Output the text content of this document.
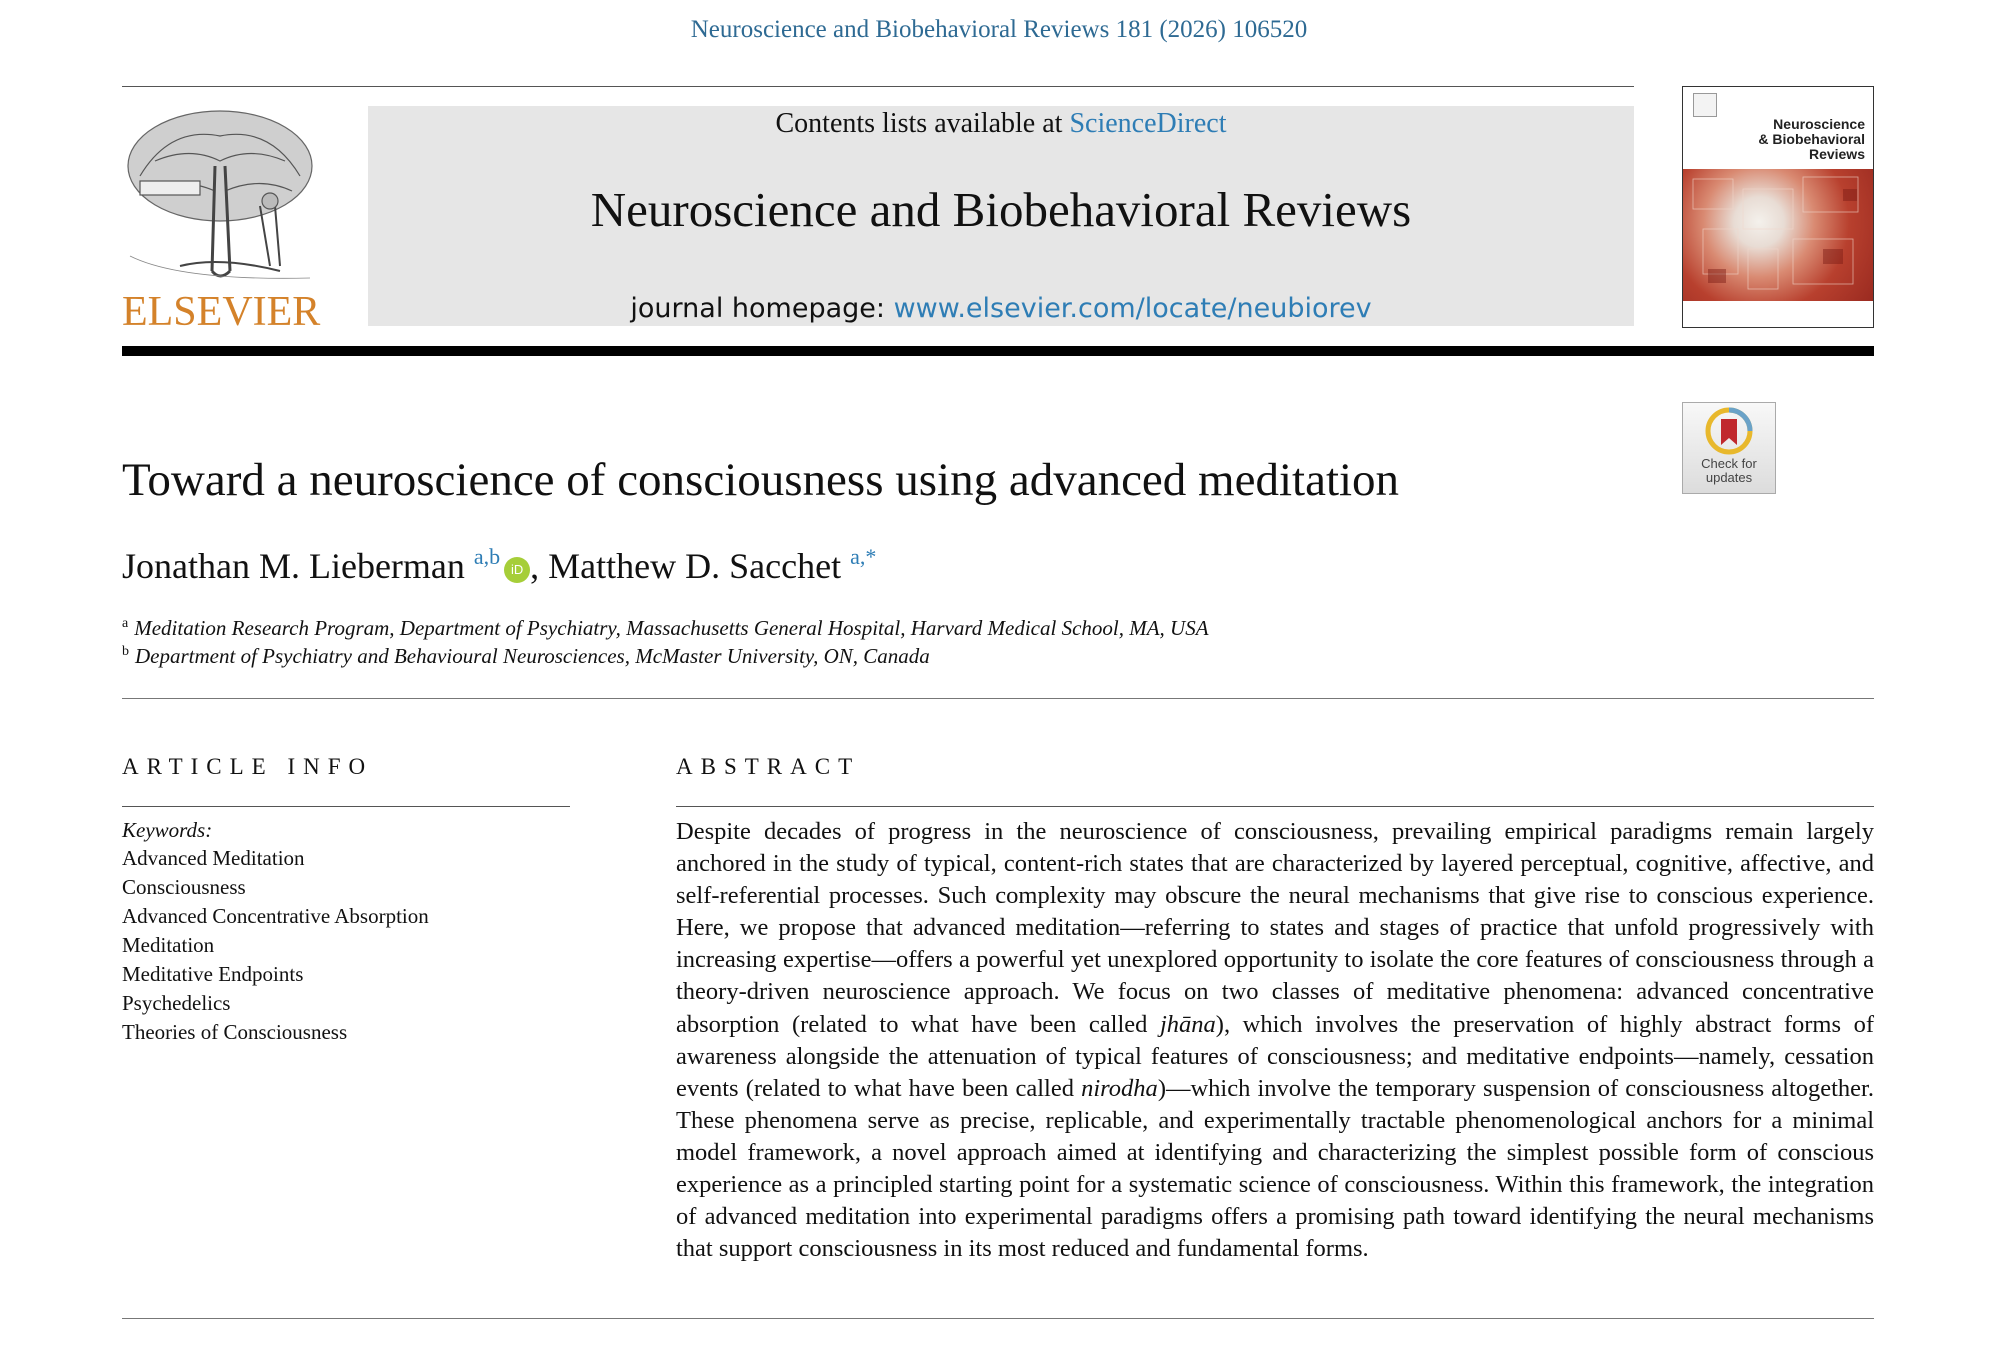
Neuroscience and Biobehavioral Reviews 181 (2026) 106520
ELSEVIER
Contents lists available at ScienceDirect
Neuroscience and Biobehavioral Reviews
journal homepage: www.elsevier.com/locate/neubiorev
Neuroscience
& Biobehavioral
Reviews
Check for
updates
Toward a neuroscience of consciousness using advanced meditation
Jonathan M. Lieberman $^{a,b}$iD , Matthew D. Sacchet $^{a,*}$
$^a$ Meditation Research Program, Department of Psychiatry, Massachusetts General Hospital, Harvard Medical School, MA, USA
$^b$ Department of Psychiatry and Behavioural Neurosciences, McMaster University, ON, Canada
ARTICLE INFO
Keywords:
Advanced Meditation
Consciousness
Advanced Concentrative Absorption
Meditation
Meditative Endpoints
Psychedelics
Theories of Consciousness
ABSTRACT

Despite decades of progress in the neuroscience of consciousness, prevailing empirical paradigms remain largely anchored in the study of typical, content-rich states that are characterized by layered perceptual, cognitive, affective, and self-referential processes. Such complexity may obscure the neural mechanisms that give rise to conscious experience. Here, we propose that advanced meditation—referring to states and stages of practice that unfold progressively with increasing expertise—offers a powerful yet unexplored opportunity to isolate the core features of consciousness through a theory-driven neuroscience approach. We focus on two classes of meditative phenomena: advanced concentrative absorption (related to what have been called jhāna), which involves the preservation of highly abstract forms of awareness alongside the attenuation of typical features of consciousness; and meditative endpoints—namely, cessation events (related to what have been called nirodha)—which involve the temporary suspension of consciousness altogether. These phenomena serve as precise, replicable, and experimentally tractable phenomenological anchors for a minimal model framework, a novel approach aimed at identifying and characterizing the simplest possible form of conscious experience as a principled starting point for a systematic science of consciousness. Within this framework, the integration of advanced meditation into experimental paradigms offers a promising path toward identifying the neural mechanisms that support consciousness in its most reduced and fundamental forms.
